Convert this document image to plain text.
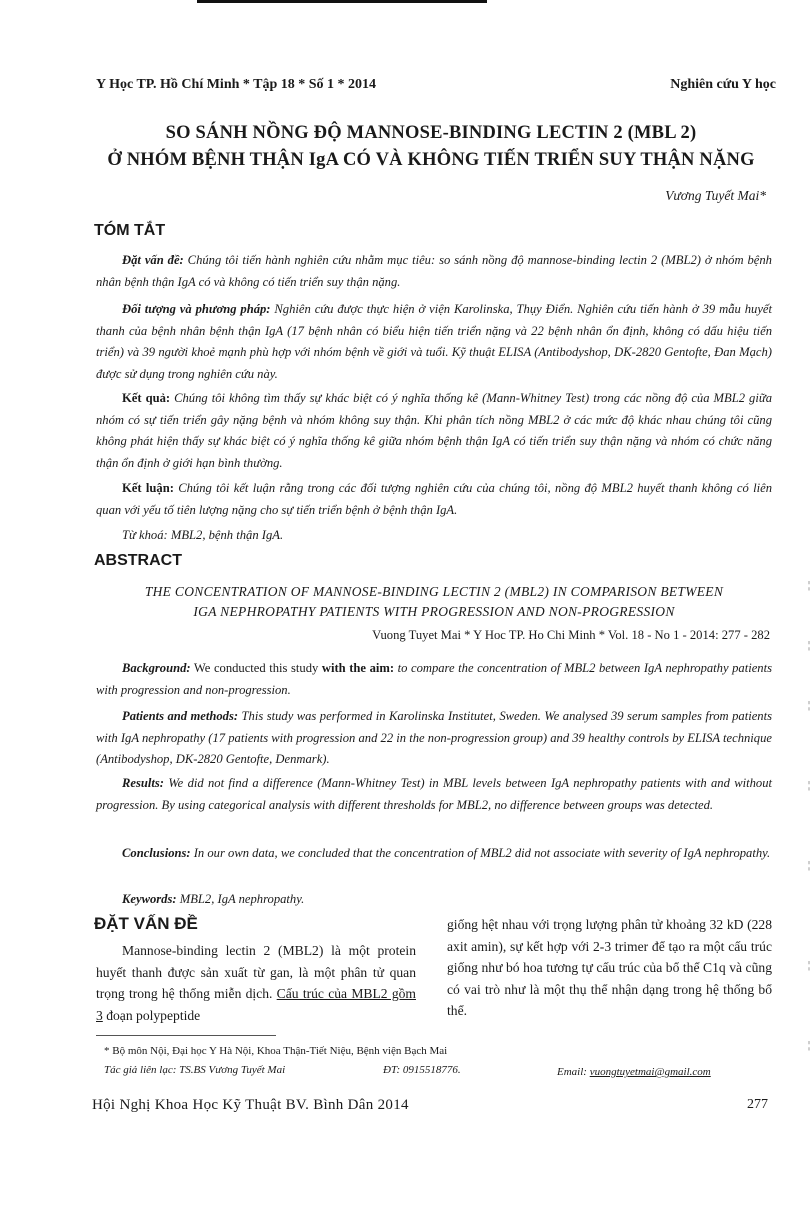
Y Học TP. Hồ Chí Minh * Tập 18 * Số 1 * 2014	Nghiên cứu Y học
SO SÁNH NỒNG ĐỘ MANNOSE-BINDING LECTIN 2 (MBL 2)
Ở NHÓM BỆNH THẬN IgA CÓ VÀ KHÔNG TIẾN TRIỂN SUY THẬN NẶNG
Vương Tuyết Mai*
TÓM TẮT
Đặt vấn đề: Chúng tôi tiến hành nghiên cứu nhằm mục tiêu: so sánh nồng độ mannose-binding lectin 2 (MBL2) ở nhóm bệnh nhân bệnh thận IgA có và không có tiến triển suy thận nặng.
Đối tượng và phương pháp: Nghiên cứu được thực hiện ở viện Karolinska, Thụy Điển. Nghiên cứu tiến hành ở 39 mẫu huyết thanh của bệnh nhân bệnh thận IgA (17 bệnh nhân có biểu hiện tiến triển nặng và 22 bệnh nhân ổn định, không có dấu hiệu tiến triển) và 39 người khoẻ mạnh phù hợp với nhóm bệnh về giới và tuổi. Kỹ thuật ELISA (Antibodyshop, DK-2820 Gentofte, Đan Mạch) được sử dụng trong nghiên cứu này.
Kết quả: Chúng tôi không tìm thấy sự khác biệt có ý nghĩa thống kê (Mann-Whitney Test) trong các nồng độ của MBL2 giữa nhóm có sự tiến triển gây nặng bệnh và nhóm không suy thận. Khi phân tích nồng MBL2 ở các mức độ khác nhau chúng tôi cũng không phát hiện thấy sự khác biệt có ý nghĩa thống kê giữa nhóm bệnh thận IgA có tiến triển suy thận nặng và nhóm có chức năng thận ổn định ở giới hạn bình thường.
Kết luận: Chúng tôi kết luận rằng trong các đối tượng nghiên cứu của chúng tôi, nồng độ MBL2 huyết thanh không có liên quan với yếu tố tiên lượng nặng cho sự tiến triển bệnh ở bệnh thận IgA.
Từ khoá: MBL2, bệnh thận IgA.
ABSTRACT
THE CONCENTRATION OF MANNOSE-BINDING LECTIN 2 (MBL2) IN COMPARISON BETWEEN
IGA NEPHROPATHY PATIENTS WITH PROGRESSION AND NON-PROGRESSION
Vuong Tuyet Mai * Y Hoc TP. Ho Chi Minh * Vol. 18 - No 1 - 2014: 277 - 282
Background: We conducted this study with the aim: to compare the concentration of MBL2 between IgA nephropathy patients with progression and non-progression.
Patients and methods: This study was performed in Karolinska Institutet, Sweden. We analysed 39 serum samples from patients with IgA nephropathy (17 patients with progression and 22 in the non-progression group) and 39 healthy controls by ELISA technique (Antibodyshop, DK-2820 Gentofte, Denmark).
Results: We did not find a difference (Mann-Whitney Test) in MBL levels between IgA nephropathy patients with and without progression. By using categorical analysis with different thresholds for MBL2, no difference between groups was detected.
Conclusions: In our own data, we concluded that the concentration of MBL2 did not associate with severity of IgA nephropathy.
Keywords: MBL2, IgA nephropathy.
ĐẶT VẤN ĐỀ
Mannose-binding lectin 2 (MBL2) là một protein huyết thanh được sản xuất từ gan, là một phân tử quan trọng trong hệ thống miễn dịch. Cấu trúc của MBL2 gồm 3 đoạn polypeptide
giống hệt nhau với trọng lượng phân tử khoảng 32 kD (228 axit amin), sự kết hợp với 2-3 trimer để tạo ra một cấu trúc giống như bó hoa tương tự cấu trúc của bổ thể C1q và cũng có vai trò như là một thụ thể nhận dạng trong hệ thống bổ thể.
* Bộ môn Nội, Đại học Y Hà Nội, Khoa Thận-Tiết Niệu, Bệnh viện Bạch Mai
Tác giả liên lạc: TS.BS Vương Tuyết Mai	ĐT: 0915518776.	Email: vuongtuyetmai@gmail.com
Hội Nghị Khoa Học Kỹ Thuật BV. Bình Dân 2014	277
¦
¦
¦
¦
¦
¦
¦
